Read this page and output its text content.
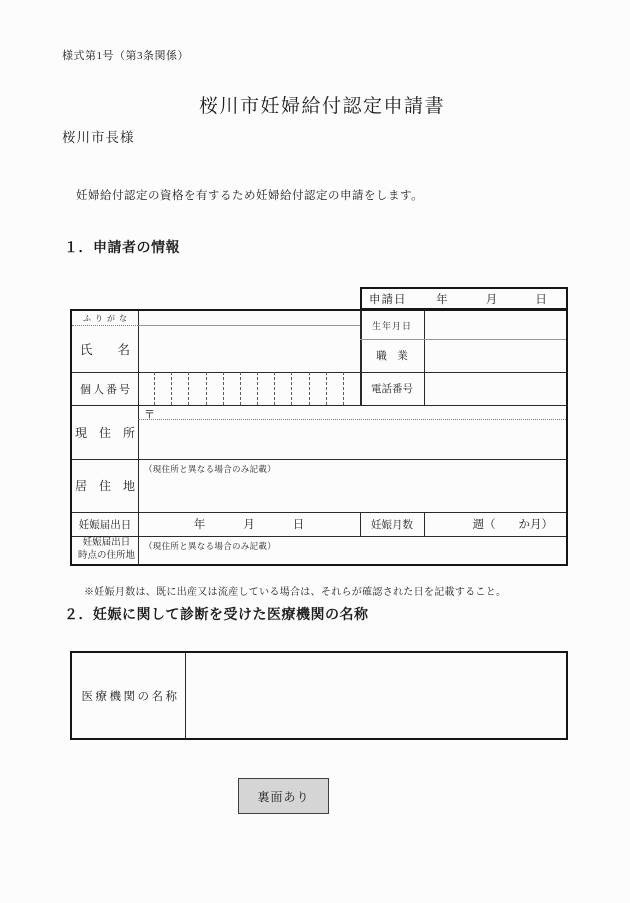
様式第1号（第3条関係）
桜川市妊婦給付認定申請書
桜川市長様
妊婦給付認定の資格を有するため妊婦給付認定の申請をします。
１．申請者の情報
申請日	年	月	日
ふりがな
氏　　名
生年月日
職　業
個人番号	電話番号
現　住　所
〒
居　住　地
（現住所と異なる場合のみ記載）
妊娠届出日	年	月	日	妊娠月数	週（　　か月）
妊娠届出日
時点の住所地
（現住所と異なる場合のみ記載）
※妊娠月数は、既に出産又は流産している場合は、それらが確認された日を記載すること。
２．妊娠に関して診断を受けた医療機関の名称
医療機関の名称
裏面あり
